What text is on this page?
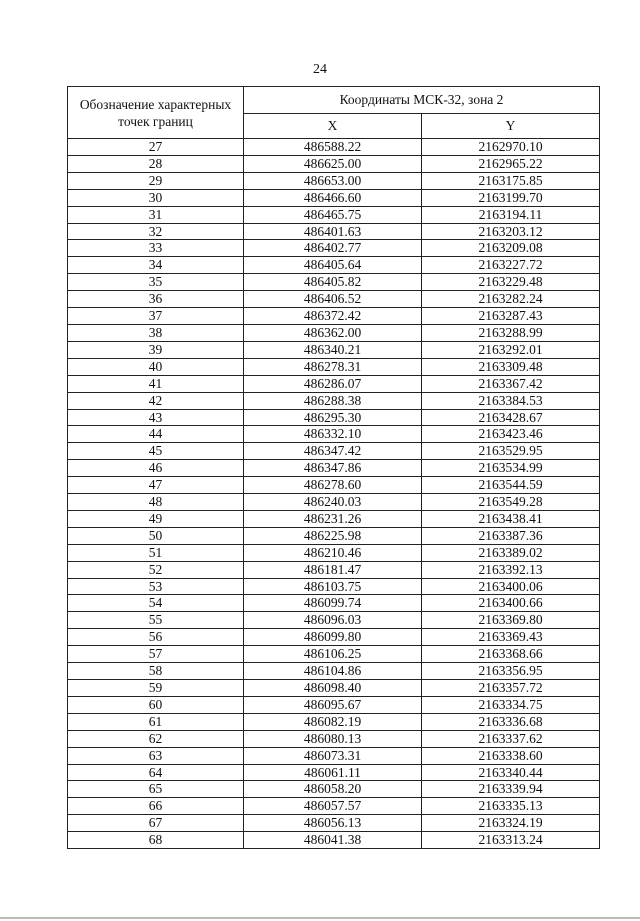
24
Обозначение характерных точек границ	Координаты МСК-32, зона 2	
	X	Y
27	486588.22	2162970.10
28	486625.00	2162965.22
29	486653.00	2163175.85
30	486466.60	2163199.70
31	486465.75	2163194.11
32	486401.63	2163203.12
33	486402.77	2163209.08
34	486405.64	2163227.72
35	486405.82	2163229.48
36	486406.52	2163282.24
37	486372.42	2163287.43
38	486362.00	2163288.99
39	486340.21	2163292.01
40	486278.31	2163309.48
41	486286.07	2163367.42
42	486288.38	2163384.53
43	486295.30	2163428.67
44	486332.10	2163423.46
45	486347.42	2163529.95
46	486347.86	2163534.99
47	486278.60	2163544.59
48	486240.03	2163549.28
49	486231.26	2163438.41
50	486225.98	2163387.36
51	486210.46	2163389.02
52	486181.47	2163392.13
53	486103.75	2163400.06
54	486099.74	2163400.66
55	486096.03	2163369.80
56	486099.80	2163369.43
57	486106.25	2163368.66
58	486104.86	2163356.95
59	486098.40	2163357.72
60	486095.67	2163334.75
61	486082.19	2163336.68
62	486080.13	2163337.62
63	486073.31	2163338.60
64	486061.11	2163340.44
65	486058.20	2163339.94
66	486057.57	2163335.13
67	486056.13	2163324.19
68	486041.38	2163313.24
